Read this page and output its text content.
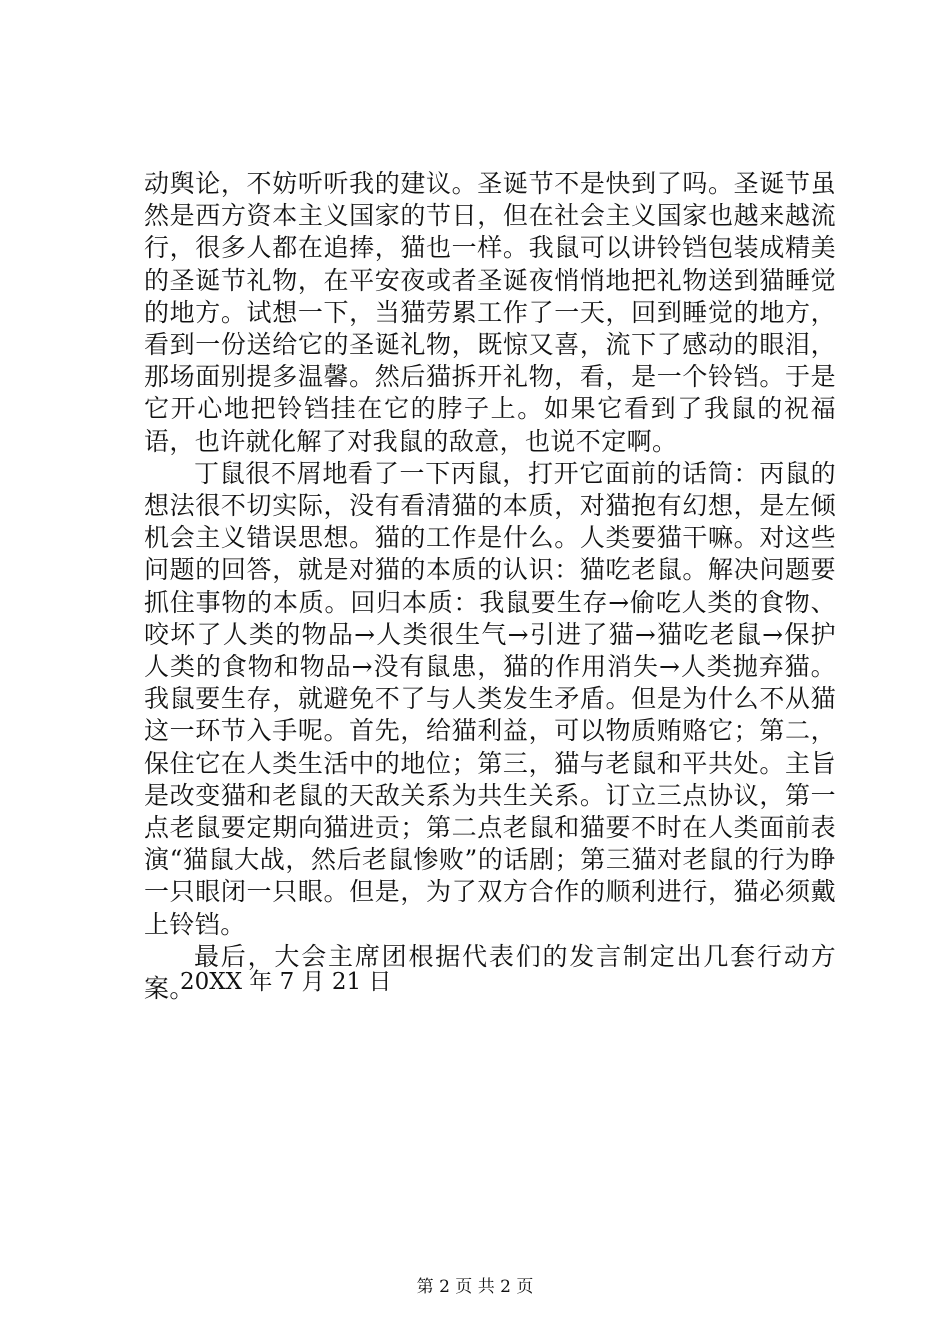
动舆论，不妨听听我的建议。圣诞节不是快到了吗。圣诞节虽然是西方资本主义国家的节日，但在社会主义国家也越来越流行，很多人都在追捧，猫也一样。我鼠可以讲铃铛包装成精美的圣诞节礼物，在平安夜或者圣诞夜悄悄地把礼物送到猫睡觉的地方。试想一下，当猫劳累工作了一天，回到睡觉的地方，看到一份送给它的圣诞礼物，既惊又喜，流下了感动的眼泪，那场面别提多温馨。然后猫拆开礼物，看，是一个铃铛。于是它开心地把铃铛挂在它的脖子上。如果它看到了我鼠的祝福语，也许就化解了对我鼠的敌意，也说不定啊。

丁鼠很不屑地看了一下丙鼠，打开它面前的话筒：丙鼠的想法很不切实际，没有看清猫的本质，对猫抱有幻想，是左倾机会主义错误思想。猫的工作是什么。人类要猫干嘛。对这些问题的回答，就是对猫的本质的认识：猫吃老鼠。解决问题要抓住事物的本质。回归本质：我鼠要生存→偷吃人类的食物、咬坏了人类的物品→人类很生气→引进了猫→猫吃老鼠→保护人类的食物和物品→没有鼠患，猫的作用消失→人类抛弃猫。我鼠要生存，就避免不了与人类发生矛盾。但是为什么不从猫这一环节入手呢。首先，给猫利益，可以物质贿赂它；第二，保住它在人类生活中的地位；第三，猫与老鼠和平共处。主旨是改变猫和老鼠的天敌关系为共生关系。订立三点协议，第一点老鼠要定期向猫进贡；第二点老鼠和猫要不时在人类面前表演“猫鼠大战，然后老鼠惨败”的话剧；第三猫对老鼠的行为睁一只眼闭一只眼。但是，为了双方合作的顺利进行，猫必须戴上铃铛。

最后，大会主席团根据代表们的发言制定出几套行动方案。

20XX 年 7 月 21 日

第 2 页 共 2 页
